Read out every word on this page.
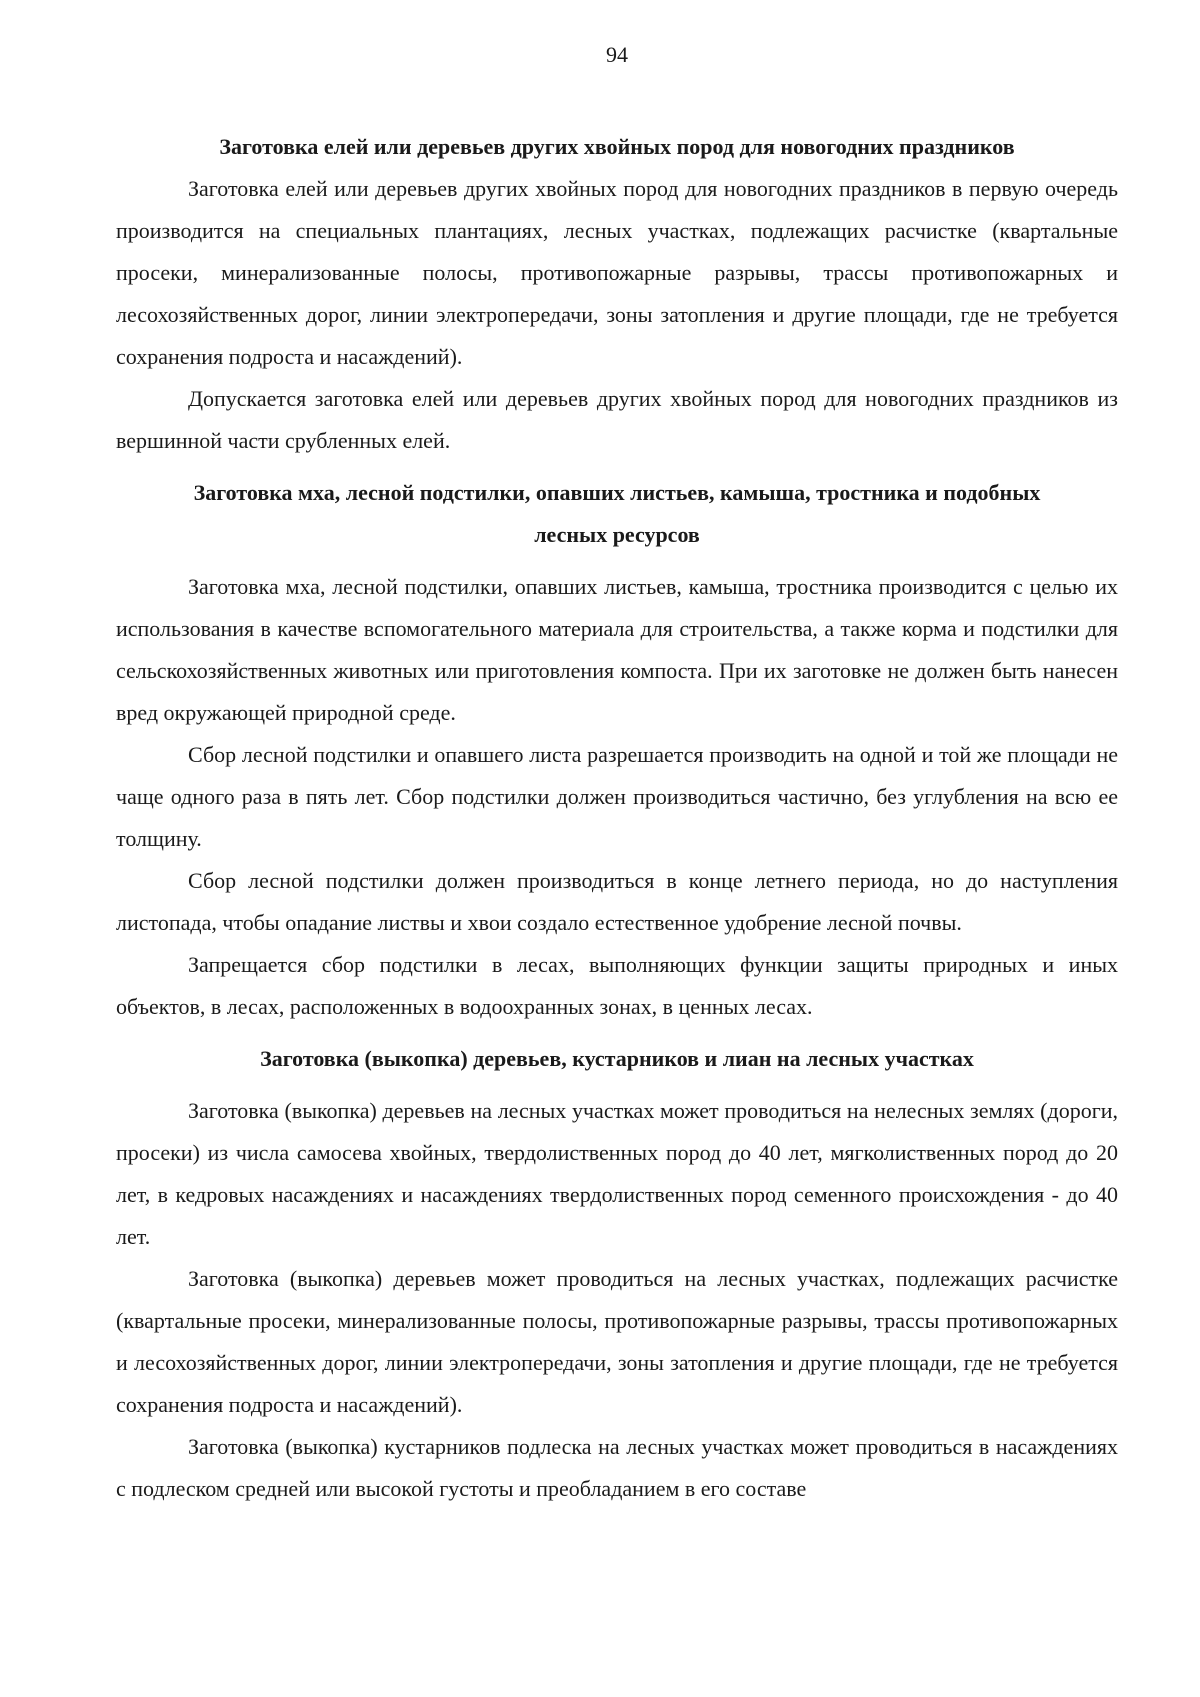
94

Заготовка елей или деревьев других хвойных пород для новогодних праздников

Заготовка елей или деревьев других хвойных пород для новогодних праздников в первую очередь производится на специальных плантациях, лесных участках, подлежащих расчистке (квартальные просеки, минерализованные полосы, противопожарные разрывы, трассы противопожарных и лесохозяйственных дорог, линии электропередачи, зоны затопления и другие площади, где не требуется сохранения подроста и насаждений).

Допускается заготовка елей или деревьев других хвойных пород для новогодних праздников из вершинной части срубленных елей.

Заготовка мха, лесной подстилки, опавших листьев, камыша, тростника и подобных лесных ресурсов

Заготовка мха, лесной подстилки, опавших листьев, камыша, тростника производится с целью их использования в качестве вспомогательного материала для строительства, а также корма и подстилки для сельскохозяйственных животных или приготовления компоста. При их заготовке не должен быть нанесен вред окружающей природной среде.

Сбор лесной подстилки и опавшего листа разрешается производить на одной и той же площади не чаще одного раза в пять лет. Сбор подстилки должен производиться частично, без углубления на всю ее толщину.

Сбор лесной подстилки должен производиться в конце летнего периода, но до наступления листопада, чтобы опадание листвы и хвои создало естественное удобрение лесной почвы.

Запрещается сбор подстилки в лесах, выполняющих функции защиты природных и иных объектов, в лесах, расположенных в водоохранных зонах, в ценных лесах.

Заготовка (выкопка) деревьев, кустарников и лиан на лесных участках

Заготовка (выкопка) деревьев на лесных участках может проводиться на нелесных землях (дороги, просеки) из числа самосева хвойных, твердолиственных пород до 40 лет, мягколиственных пород до 20 лет, в кедровых насаждениях и насаждениях твердолиственных пород семенного происхождения - до 40 лет.

Заготовка (выкопка) деревьев может проводиться на лесных участках, подлежащих расчистке (квартальные просеки, минерализованные полосы, противопожарные разрывы, трассы противопожарных и лесохозяйственных дорог, линии электропередачи, зоны затопления и другие площади, где не требуется сохранения подроста и насаждений).

Заготовка (выкопка) кустарников подлеска на лесных участках может проводиться в насаждениях с подлеском средней или высокой густоты и преобладанием в его составе
